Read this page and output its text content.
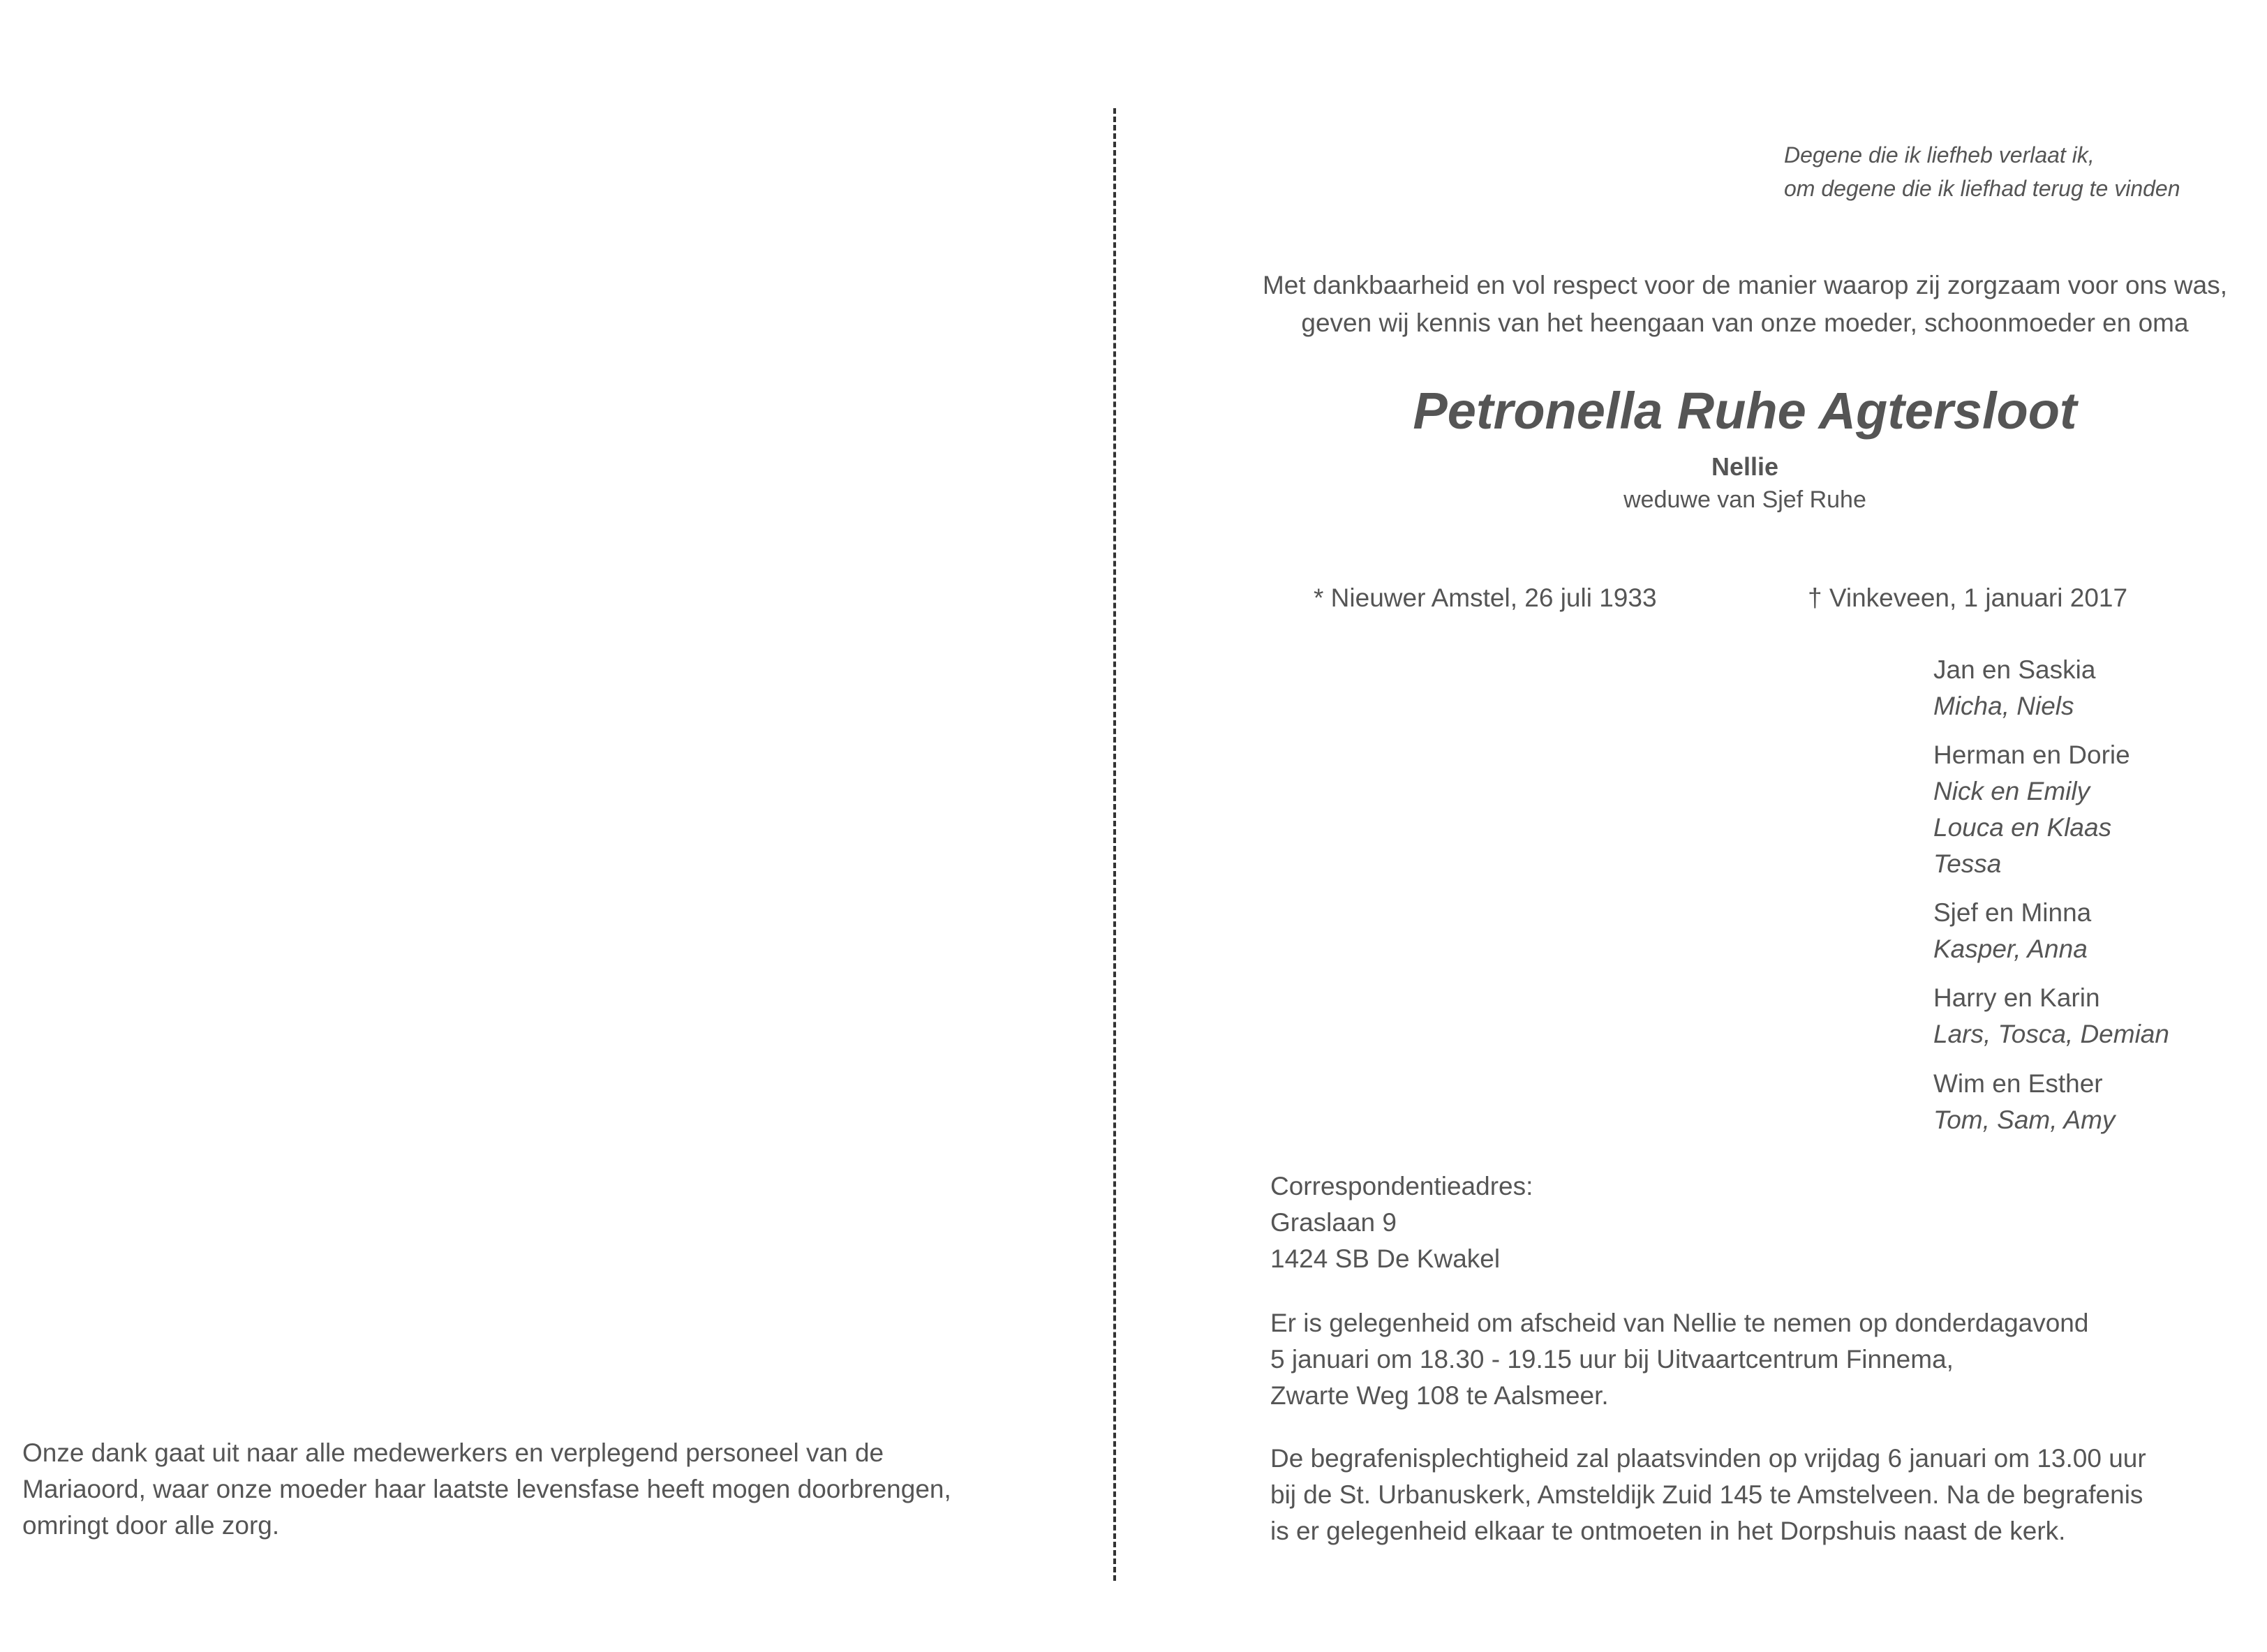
Onze dank gaat uit naar alle medewerkers en verplegend personeel van de
Mariaoord, waar onze moeder haar laatste levensfase heeft mogen doorbrengen,
omringt door alle zorg.
Degene die ik liefheb verlaat ik,
om degene die ik liefhad terug te vinden
Met dankbaarheid en vol respect voor de manier waarop zij zorgzaam voor ons was,
geven wij kennis van het heengaan van onze moeder, schoonmoeder en oma
Petronella Ruhe Agtersloot
Nellie
weduwe van Sjef Ruhe
* Nieuwer Amstel, 26 juli 1933	† Vinkeveen, 1 januari 2017
Jan en Saskia
Micha, Niels
Herman en Dorie
Nick en Emily
Louca en Klaas
Tessa
Sjef en Minna
Kasper, Anna
Harry en Karin
Lars, Tosca, Demian
Wim en Esther
Tom, Sam, Amy
Correspondentieadres:
Graslaan 9
1424 SB De Kwakel
Er is gelegenheid om afscheid van Nellie te nemen op donderdagavond
5 januari om 18.30 - 19.15 uur bij Uitvaartcentrum Finnema,
Zwarte Weg 108 te Aalsmeer.
De begrafenisplechtigheid zal plaatsvinden op vrijdag 6 januari om 13.00 uur
bij de St. Urbanuskerk, Amsteldijk Zuid 145 te Amstelveen. Na de begrafenis
is er gelegenheid elkaar te ontmoeten in het Dorpshuis naast de kerk.
